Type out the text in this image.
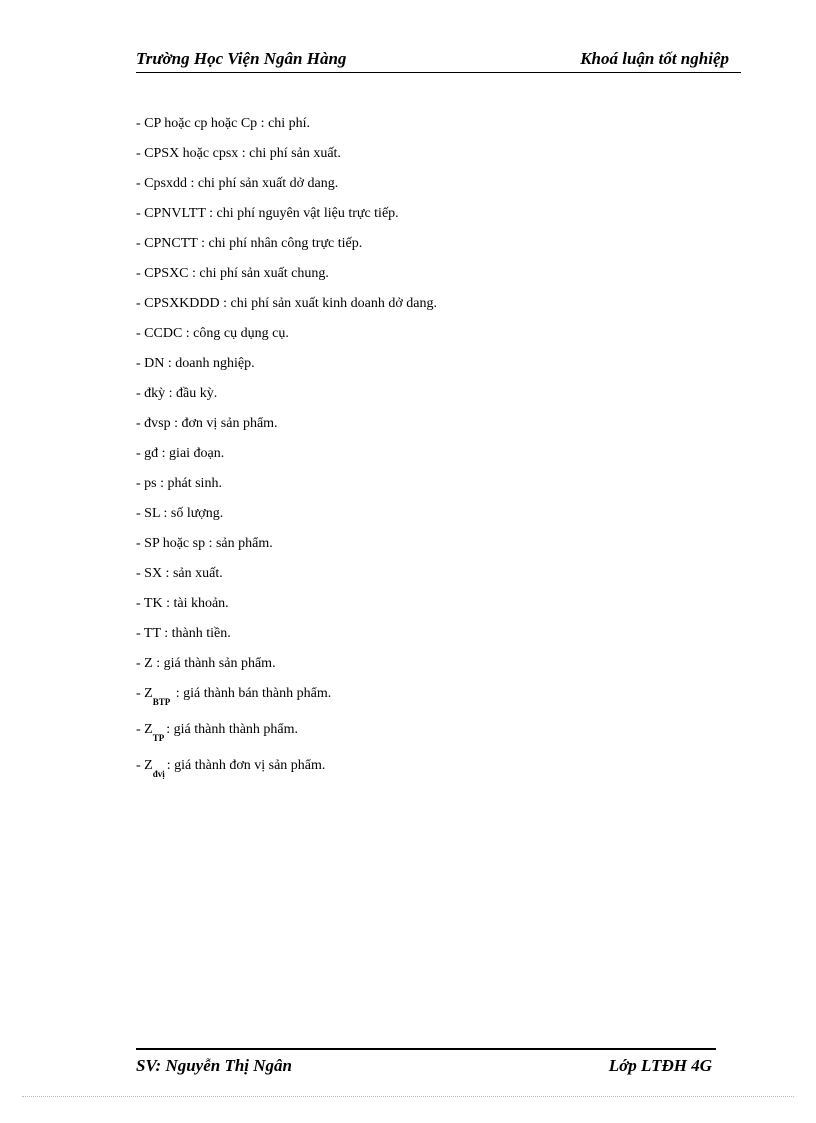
Trường Học Viện Ngân Hàng	Khoá luận tốt nghiệp
- CP hoặc cp hoặc Cp : chi phí.
- CPSX hoặc cpsx : chi phí sản xuất.
- Cpsxdd : chi phí sản xuất dở dang.
- CPNVLTT : chi phí nguyên vật liệu trực tiếp.
- CPNCTT : chi phí nhân công trực tiếp.
- CPSXC : chi phí sản xuất chung.
- CPSXKDDD : chi phí sản xuất kinh doanh dở dang.
- CCDC : công cụ dụng cụ.
- DN : doanh nghiệp.
- đkỳ : đầu kỳ.
- đvsp : đơn vị sản phẩm.
- gđ : giai đoạn.
- ps : phát sinh.
- SL : số lượng.
- SP hoặc sp : sản phẩm.
- SX : sản xuất.
- TK : tài khoản.
- TT : thành tiền.
- Z : giá thành sản phẩm.
- $Z_{BTP}$ : giá thành bán thành phẩm.
- $Z_{TP}$: giá thành thành phẩm.
- $Z_{đvị}$: giá thành đơn vị sản phẩm.
SV: Nguyễn Thị Ngân	Lớp LTĐH 4G
